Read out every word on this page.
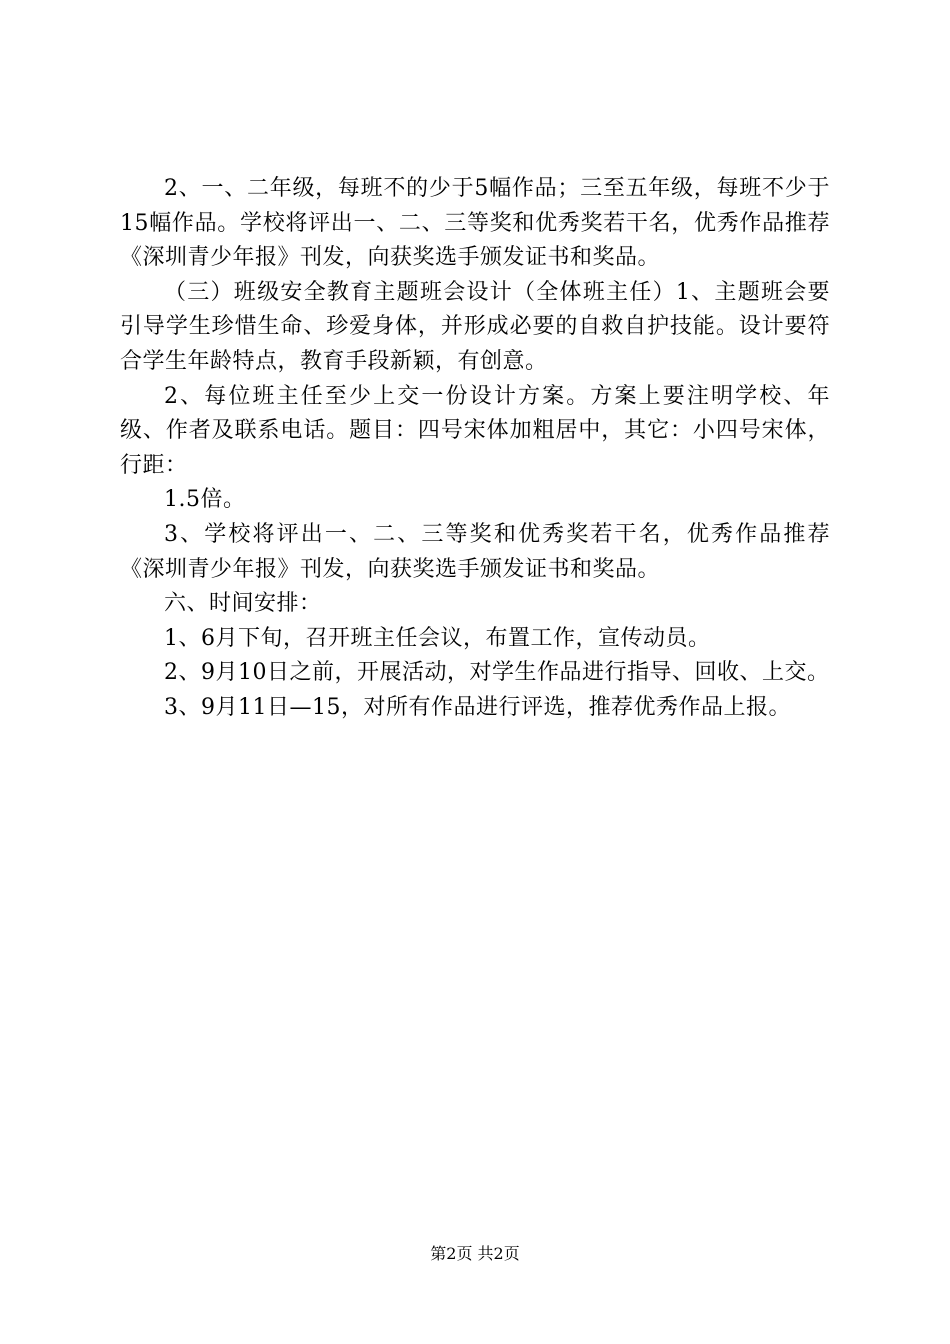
2、一、二年级，每班不的少于5幅作品；三至五年级，每班不少于15幅作品。学校将评出一、二、三等奖和优秀奖若干名，优秀作品推荐《深圳青少年报》刊发，向获奖选手颁发证书和奖品。

（三）班级安全教育主题班会设计（全体班主任）1、主题班会要引导学生珍惜生命、珍爱身体，并形成必要的自救自护技能。设计要符合学生年龄特点，教育手段新颖，有创意。

2、每位班主任至少上交一份设计方案。方案上要注明学校、年级、作者及联系电话。题目：四号宋体加粗居中，其它：小四号宋体，行距：

1.5倍。

3、学校将评出一、二、三等奖和优秀奖若干名，优秀作品推荐《深圳青少年报》刊发，向获奖选手颁发证书和奖品。

六、时间安排：

1、6月下旬，召开班主任会议，布置工作，宣传动员。

2、9月10日之前，开展活动，对学生作品进行指导、回收、上交。

3、9月11日—15，对所有作品进行评选，推荐优秀作品上报。

第2页 共2页
